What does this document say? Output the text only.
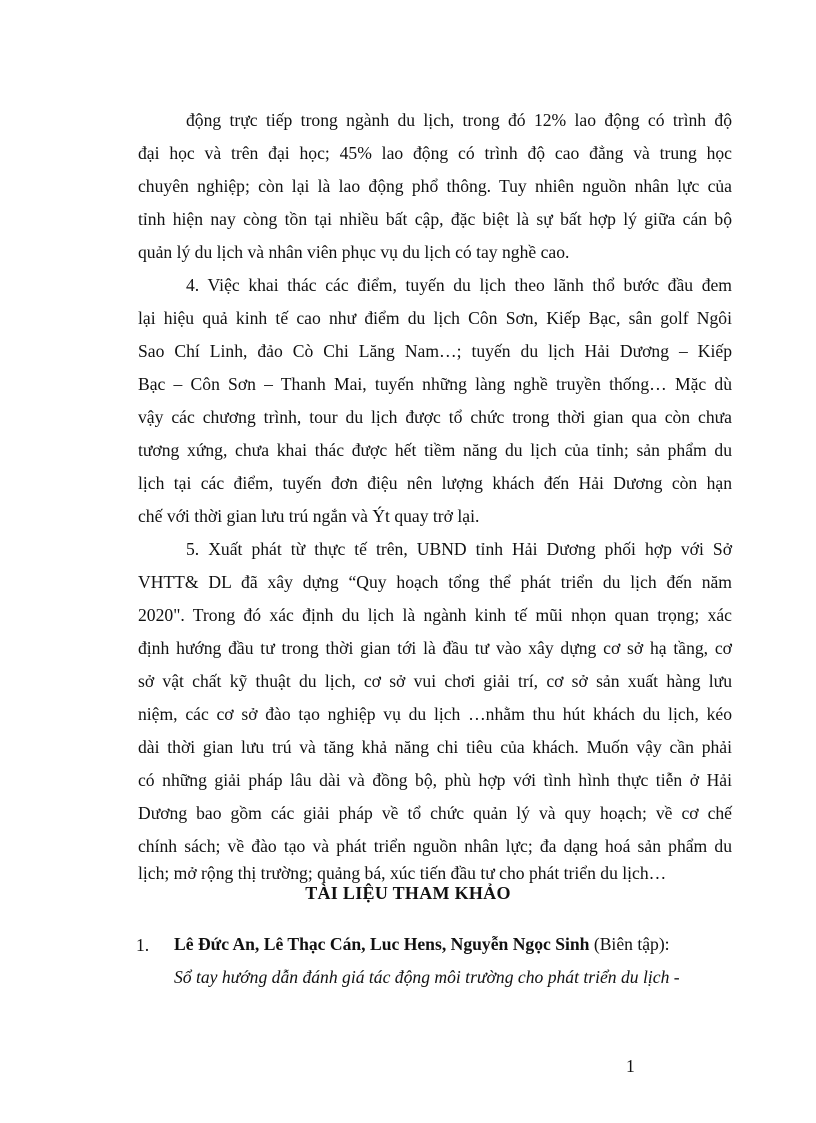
động trực tiếp trong ngành du lịch, trong đó 12% lao động có trình độ
đại học và trên đại học; 45% lao động có trình độ cao đẳng và trung học
chuyên nghiệp; còn lại là lao động phổ thông. Tuy nhiên nguồn nhân lực của
tỉnh hiện nay còng tồn tại nhiều bất cập, đặc biệt là sự bất hợp lý giữa cán bộ
quản lý du lịch và nhân viên phục vụ du lịch có tay nghề cao.
4. Việc khai thác các điểm, tuyến du lịch theo lãnh thổ bước đầu đem
lại hiệu quả kinh tế cao như điểm du lịch Côn Sơn, Kiếp Bạc, sân golf Ngôi
Sao Chí Linh, đảo Cò Chi Lăng Nam…; tuyến du lịch Hải Dương – Kiếp
Bạc – Côn Sơn – Thanh Mai, tuyến những làng nghề truyền thống… Mặc dù
vậy các chương trình, tour du lịch được tổ chức trong thời gian qua còn chưa
tương xứng, chưa khai thác được hết tiềm năng du lịch của tỉnh; sản phẩm du
lịch tại các điểm, tuyến đơn điệu nên lượng khách đến Hải Dương còn hạn
chế với thời gian lưu trú ngắn và Ýt quay trở lại.
5. Xuất phát từ thực tế trên, UBND tỉnh Hải Dương phối hợp với Sở
VHTT& DL đã xây dựng “Quy hoạch tổng thể phát triển du lịch đến năm
2020". Trong đó xác định du lịch là ngành kinh tế mũi nhọn quan trọng; xác
định hướng đầu tư trong thời gian tới là đầu tư vào xây dựng cơ sở hạ tầng, cơ
sở vật chất kỹ thuật du lịch, cơ sở vui chơi giải trí, cơ sở sản xuất hàng lưu
niệm, các cơ sở đào tạo nghiệp vụ du lịch …nhằm thu hút khách du lịch, kéo
dài thời gian lưu trú và tăng khả năng chi tiêu của khách. Muốn vậy cần phải
có những giải pháp lâu dài và đồng bộ, phù hợp với tình hình thực tiễn ở Hải
Dương bao gồm các giải pháp về tổ chức quản lý và quy hoạch; về cơ chế
chính sách; về đào tạo và phát triển nguồn nhân lực; đa dạng hoá sản phẩm du
lịch; mở rộng thị trường; quảng bá, xúc tiến đầu tư cho phát triển du lịch…
TÀI LIỆU THAM KHẢO
1. Lê Đức An, Lê Thạc Cán, Luc Hens, Nguyễn Ngọc Sinh (Biên tập):
Sổ tay hướng dẫn đánh giá tác động môi trường cho phát triển du lịch -
1
